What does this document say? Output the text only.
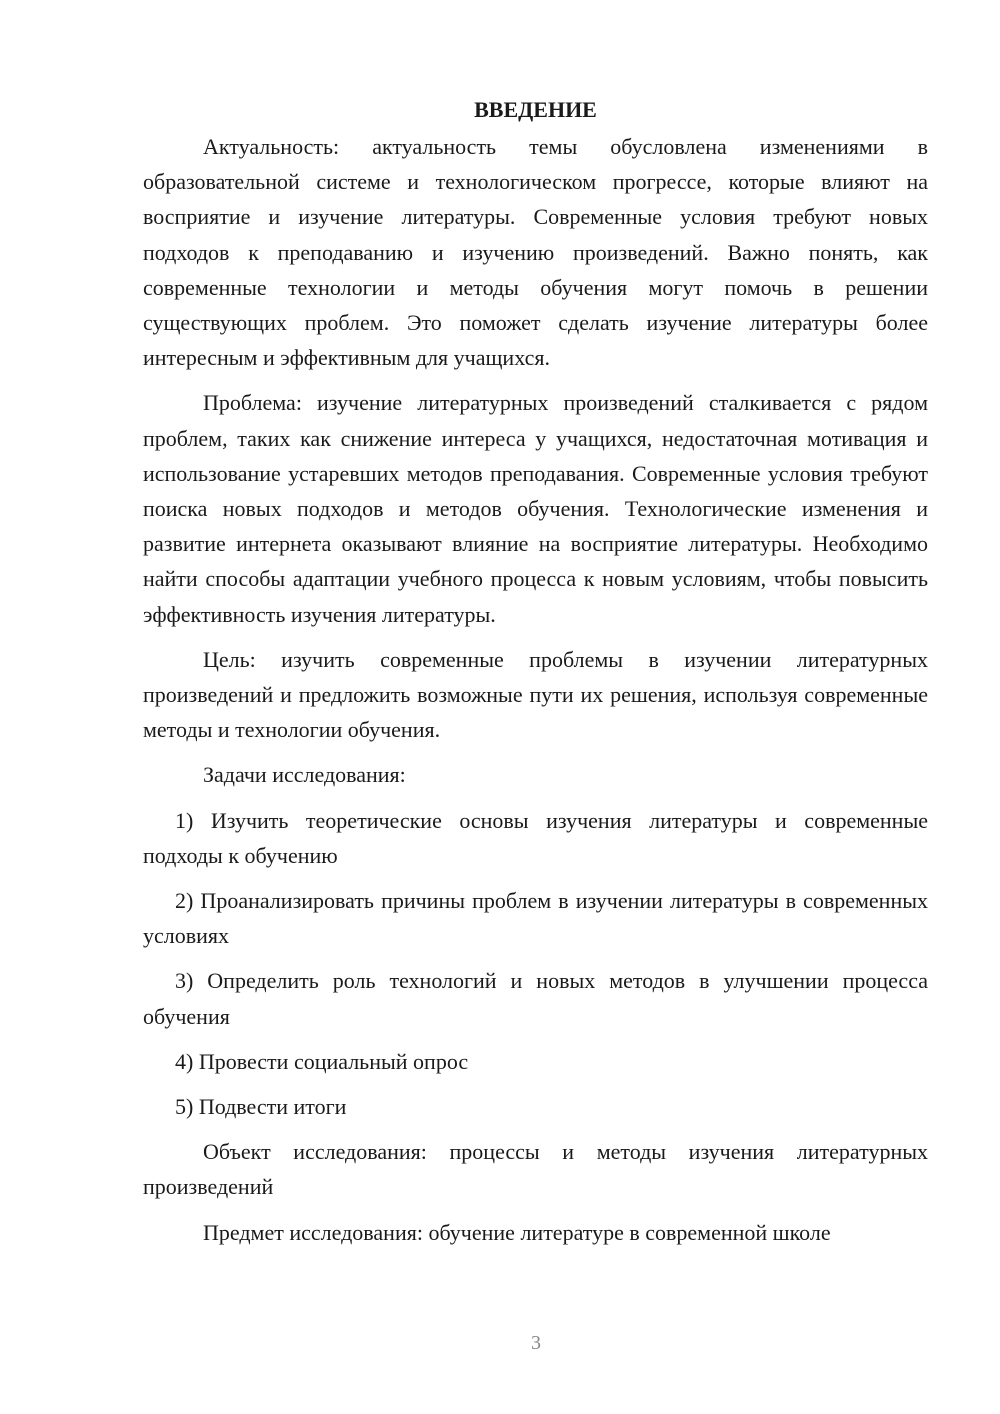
ВВЕДЕНИЕ

Актуальность: актуальность темы обусловлена изменениями в образовательной системе и технологическом прогрессе, которые влияют на восприятие и изучение литературы. Современные условия требуют новых подходов к преподаванию и изучению произведений. Важно понять, как современные технологии и методы обучения могут помочь в решении существующих проблем. Это поможет сделать изучение литературы более интересным и эффективным для учащихся.

Проблема: изучение литературных произведений сталкивается с рядом проблем, таких как снижение интереса у учащихся, недостаточная мотивация и использование устаревших методов преподавания. Современные условия требуют поиска новых подходов и методов обучения. Технологические изменения и развитие интернета оказывают влияние на восприятие литературы. Необходимо найти способы адаптации учебного процесса к новым условиям, чтобы повысить эффективность изучения литературы.

Цель: изучить современные проблемы в изучении литературных произведений и предложить возможные пути их решения, используя современные методы и технологии обучения.

Задачи исследования:

1) Изучить теоретические основы изучения литературы и современные подходы к обучению

2) Проанализировать причины проблем в изучении литературы в современных условиях

3) Определить роль технологий и новых методов в улучшении процесса обучения

4) Провести социальный опрос

5) Подвести итоги

Объект исследования: процессы и методы изучения литературных произведений

Предмет исследования: обучение литературе в современной школе

3
